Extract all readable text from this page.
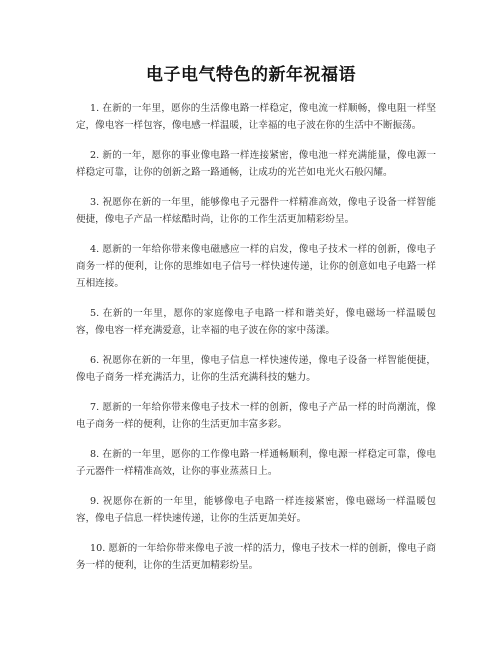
电子电气特色的新年祝福语

1. 在新的一年里，愿你的生活像电路一样稳定，像电流一样顺畅，像电阻一样坚定，像电容一样包容，像电感一样温暖，让幸福的电子波在你的生活中不断振荡。

2. 新的一年，愿你的事业像电路一样连接紧密，像电池一样充满能量，像电源一样稳定可靠，让你的创新之路一路通畅，让成功的光芒如电光火石般闪耀。

3. 祝愿你在新的一年里，能够像电子元器件一样精准高效，像电子设备一样智能便捷，像电子产品一样炫酷时尚，让你的工作生活更加精彩纷呈。

4. 愿新的一年给你带来像电磁感应一样的启发，像电子技术一样的创新，像电子商务一样的便利，让你的思维如电子信号一样快速传递，让你的创意如电子电路一样互相连接。

5. 在新的一年里，愿你的家庭像电子电路一样和谐美好，像电磁场一样温暖包容，像电容一样充满爱意，让幸福的电子波在你的家中荡漾。

6. 祝愿你在新的一年里，像电子信息一样快速传递，像电子设备一样智能便捷，像电子商务一样充满活力，让你的生活充满科技的魅力。

7. 愿新的一年给你带来像电子技术一样的创新，像电子产品一样的时尚潮流，像电子商务一样的便利，让你的生活更加丰富多彩。

8. 在新的一年里，愿你的工作像电路一样通畅顺利，像电源一样稳定可靠，像电子元器件一样精准高效，让你的事业蒸蒸日上。

9. 祝愿你在新的一年里，能够像电子电路一样连接紧密，像电磁场一样温暖包容，像电子信息一样快速传递，让你的生活更加美好。

10. 愿新的一年给你带来像电子波一样的活力，像电子技术一样的创新，像电子商务一样的便利，让你的生活更加精彩纷呈。
